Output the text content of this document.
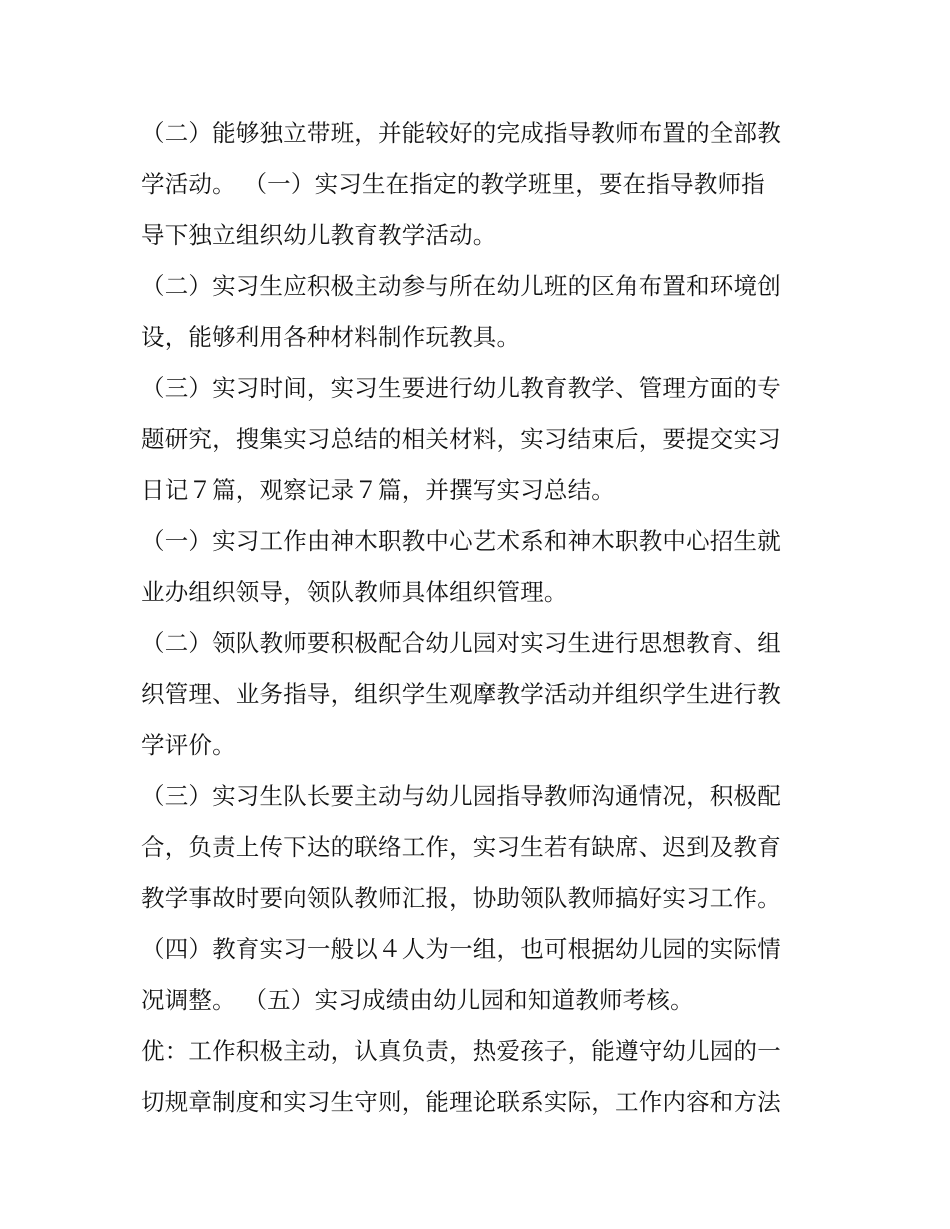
（二）能够独立带班，并能较好的完成指导教师布置的全部教
学活动。 （一）实习生在指定的教学班里，要在指导教师指
导下独立组织幼儿教育教学活动。
（二）实习生应积极主动参与所在幼儿班的区角布置和环境创
设，能够利用各种材料制作玩教具。
（三）实习时间，实习生要进行幼儿教育教学、管理方面的专
题研究，搜集实习总结的相关材料，实习结束后，要提交实习
日记７篇，观察记录７篇，并撰写实习总结。
（一）实习工作由神木职教中心艺术系和神木职教中心招生就
业办组织领导，领队教师具体组织管理。
（二）领队教师要积极配合幼儿园对实习生进行思想教育、组
织管理、业务指导，组织学生观摩教学活动并组织学生进行教
学评价。
（三）实习生队长要主动与幼儿园指导教师沟通情况，积极配
合，负责上传下达的联络工作，实习生若有缺席、迟到及教育
教学事故时要向领队教师汇报，协助领队教师搞好实习工作。
（四）教育实习一般以４人为一组，也可根据幼儿园的实际情
况调整。 （五）实习成绩由幼儿园和知道教师考核。
优：工作积极主动，认真负责，热爱孩子，能遵守幼儿园的一
切规章制度和实习生守则，能理论联系实际，工作内容和方法
